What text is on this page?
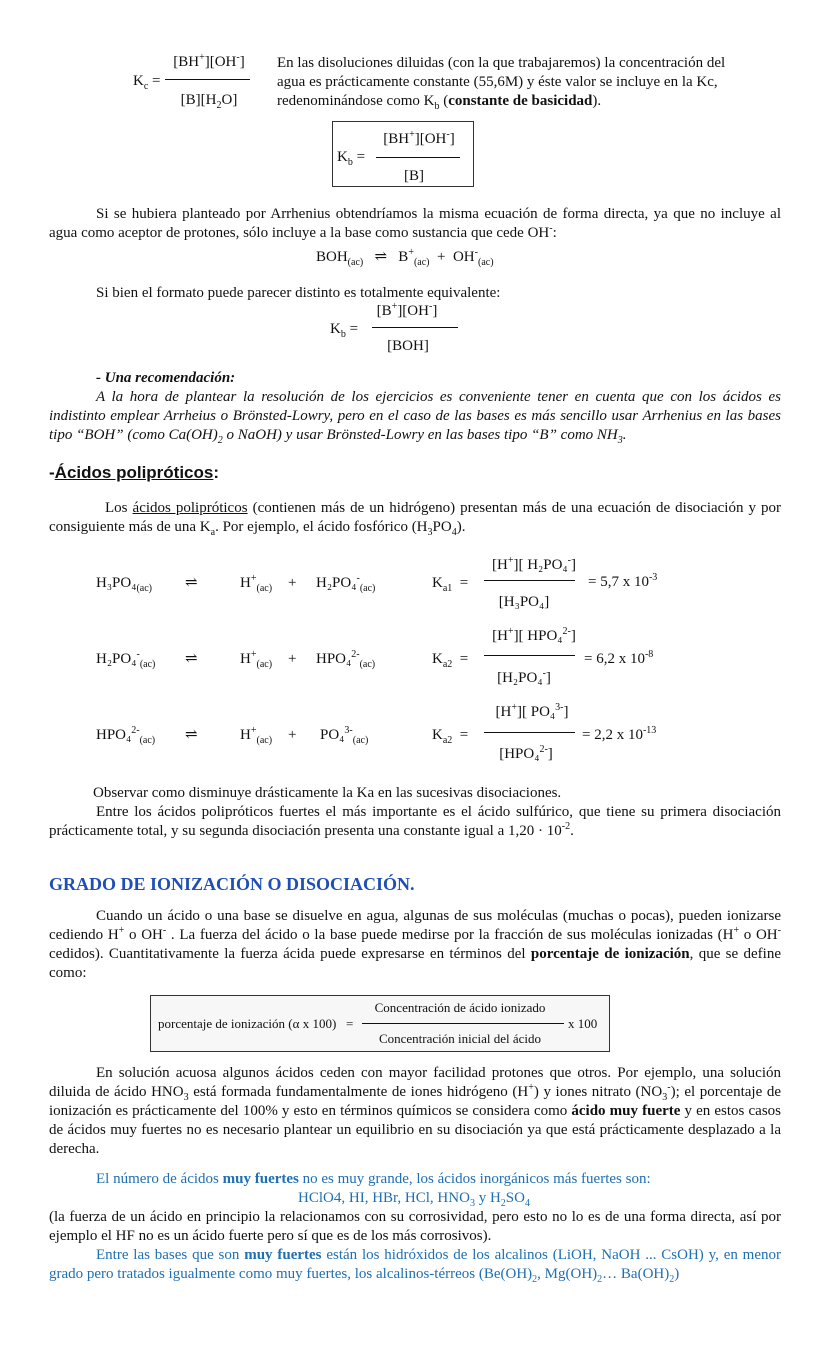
$K_c$ =
[BH+][OH-]
$[B][H_2O]$
En las disoluciones diluidas (con la que trabajaremos) la concentración del agua es prácticamente constante (55,6M) y éste valor se incluye en la Kc, redenominándose como $K_b$ (constante de basicidad).
$K_b$ =
[BH+][OH-]
[B]
Si se hubiera planteado por Arrhenius obtendríamos la misma ecuación de forma directa, ya que no incluye al agua como aceptor de protones, sólo incluye a la base como sustancia que cede OH-:
$BOH_{(ac)}$ ⇌ $B^+_{(ac)} + OH^-_{(ac)}$
Si bien el formato puede parecer distinto es totalmente equivalente:
$K_b$ =
[B+][OH-]
[BOH]
- Una recomendación:
A la hora de plantear la resolución de los ejercicios es conveniente tener en cuenta que con los ácidos es indistinto emplear Arrheius o Brönsted-Lowry, pero en el caso de las bases es más sencillo usar Arrhenius en las bases tipo “BOH” (como $Ca(OH)_2$ o NaOH) y usar Brönsted-Lowry en las bases tipo “B” como $NH_3$.
-Ácidos polipróticos:
Los ácidos polipróticos (contienen más de un hidrógeno) presentan más de una ecuación de disociación y por consiguiente más de una $K_a$. Por ejemplo, el ácido fosfórico $(H_3PO_4)$.
$H_3PO_4_{(ac)}$ ⇌	$H^+_{(ac)} + H_2PO_4^-_{(ac)}$	$K_{a1}$ =
[H+][ H₂PO₄-]
[H₃PO₄]
= 5,7 x $10^{-3}$
$H_2PO_4^-_{(ac)}$ ⇌	$H^+_{(ac)} + HPO_4^{2-}_{(ac)}$	$K_{a2}$ =
[H+][ HPO₄$^{2-}$]
[H₂PO₄-]
= 6,2 x $10^{-8}$
HPO₄$^{2-}_{(ac)}$ ⇌	$H^+_{(ac)} + PO_4^{3-}_{(ac)}$	$K_{a2}$ =
[H+][ PO₄$^{3-}$]
[HPO₄$^{2-}$]
= 2,2 x $10^{-13}$
Observar como disminuye drásticamente la Ka en las sucesivas disociaciones.
Entre los ácidos polipróticos fuertes el más importante es el ácido sulfúrico, que tiene su primera disociación prácticamente total, y su segunda disociación presenta una constante igual a $1,20 \cdot 10^{-2}$.
GRADO DE IONIZACIÓN O DISOCIACIÓN.
Cuando un ácido o una base se disuelve en agua, algunas de sus moléculas (muchas o pocas), pueden ionizarse cediendo H+ o OH- . La fuerza del ácido o la base puede medirse por la fracción de sus moléculas ionizadas (H+ o OH- cedidos). Cuantitativamente la fuerza ácida puede expresarse en términos del porcentaje de ionización, que se define como:
porcentaje de ionización (α x 100) =
Concentración de ácido ionizado
Concentración inicial del ácido
x 100
En solución acuosa algunos ácidos ceden con mayor facilidad protones que otros. Por ejemplo, una solución diluida de ácido $HNO_3$ está formada fundamentalmente de iones hidrógeno (H+) y iones nitrato $(NO_3^-)$; el porcentaje de ionización es prácticamente del 100% y esto en términos químicos se considera como ácido muy fuerte y en estos casos de ácidos muy fuertes no es necesario plantear un equilibrio en su disociación ya que está prácticamente desplazado a la derecha.
El número de ácidos muy fuertes no es muy grande, los ácidos inorgánicos más fuertes son:
HClO4, HI, HBr, HCl, $HNO_3$ y $H_2SO_4$
(la fuerza de un ácido en principio la relacionamos con su corrosividad, pero esto no lo es de una forma directa, así por ejemplo el HF no es un ácido fuerte pero sí que es de los más corrosivos).
Entre las bases que son muy fuertes están los hidróxidos de los alcalinos (LiOH, NaOH ... CsOH) y, en menor grado pero tratados igualmente como muy fuertes, los alcalinos-térreos ($Be(OH)_2$, $Mg(OH)_2\dots$ $Ba(OH)_2$)
